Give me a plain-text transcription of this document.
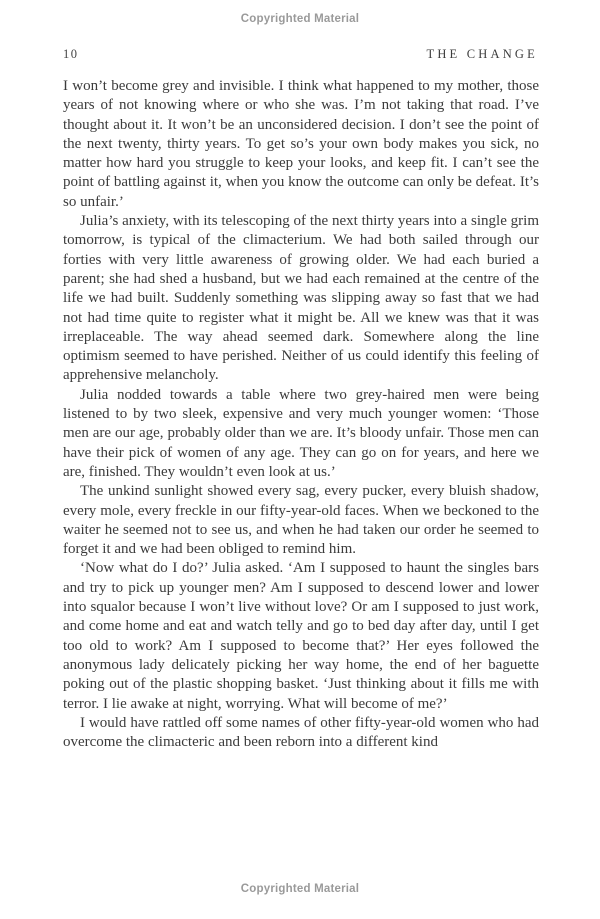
Copyrighted Material
10	THE CHANGE

I won’t become grey and invisible. I think what happened to my mother, those years of not knowing where or who she was. I’m not taking that road. I’ve thought about it. It won’t be an unconsidered decision. I don’t see the point of the next twenty, thirty years. To get so’s your own body makes you sick, no matter how hard you struggle to keep your looks, and keep fit. I can’t see the point of battling against it, when you know the outcome can only be defeat. It’s so unfair.’

Julia’s anxiety, with its telescoping of the next thirty years into a single grim tomorrow, is typical of the climacterium. We had both sailed through our forties with very little awareness of growing older. We had each buried a parent; she had shed a husband, but we had each remained at the centre of the life we had built. Suddenly something was slipping away so fast that we had not had time quite to register what it might be. All we knew was that it was irreplaceable. The way ahead seemed dark. Somewhere along the line optimism seemed to have perished. Neither of us could identify this feeling of apprehensive melancholy.

Julia nodded towards a table where two grey-haired men were being listened to by two sleek, expensive and very much younger women: ‘Those men are our age, probably older than we are. It’s bloody unfair. Those men can have their pick of women of any age. They can go on for years, and here we are, finished. They wouldn’t even look at us.’

The unkind sunlight showed every sag, every pucker, every bluish shadow, every mole, every freckle in our fifty-year-old faces. When we beckoned to the waiter he seemed not to see us, and when he had taken our order he seemed to forget it and we had been obliged to remind him.

‘Now what do I do?’ Julia asked. ‘Am I supposed to haunt the singles bars and try to pick up younger men? Am I supposed to descend lower and lower into squalor because I won’t live without love? Or am I supposed to just work, and come home and eat and watch telly and go to bed day after day, until I get too old to work? Am I supposed to become that?’ Her eyes followed the anonymous lady delicately picking her way home, the end of her baguette poking out of the plastic shopping basket. ‘Just thinking about it fills me with terror. I lie awake at night, worrying. What will become of me?’

I would have rattled off some names of other fifty-year-old women who had overcome the climacteric and been reborn into a different kind

Copyrighted Material
